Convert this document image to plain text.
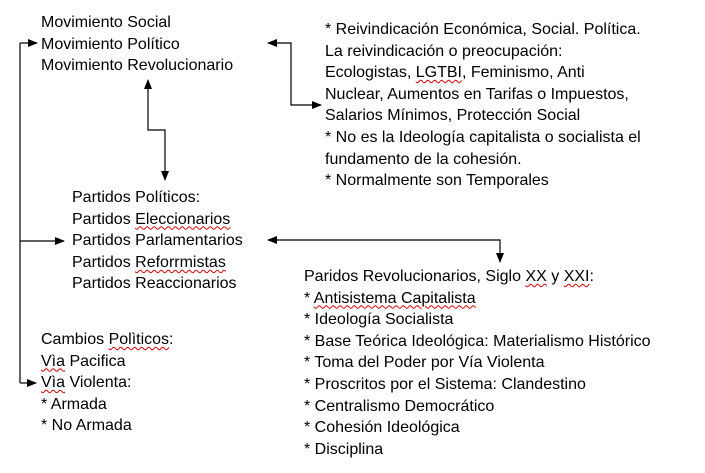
Movimiento Social
Movimiento Político
Movimiento Revolucionario
* Reivindicación Económica, Social. Política.
La reivindicación o preocupación:
Ecologistas, LGTBI, Feminismo, Anti
Nuclear, Aumentos en Tarifas o Impuestos,
Salarios Mínimos, Protección Social
* No es la Ideología capitalista o socialista el
fundamento de la cohesión.
* Normalmente son Temporales
Partidos Políticos:
Partidos Eleccionarios
Partidos Parlamentarios
Partidos Reforrmistas
Partidos Reaccionarios	Paridos Revolucionarios, Siglo XX y XXI:
* Antisistema Capitalista
* Ideología Socialista
* Base Teórica Ideológica: Materialismo Histórico
* Toma del Poder por Vía Violenta
* Proscritos por el Sistema: Clandestino
* Centralismo Democrático
* Cohesión Ideológica
* Disciplina
Cambios Polìticos:
Vìa Pacifica
Vìa Violenta:
* Armada
* No Armada
